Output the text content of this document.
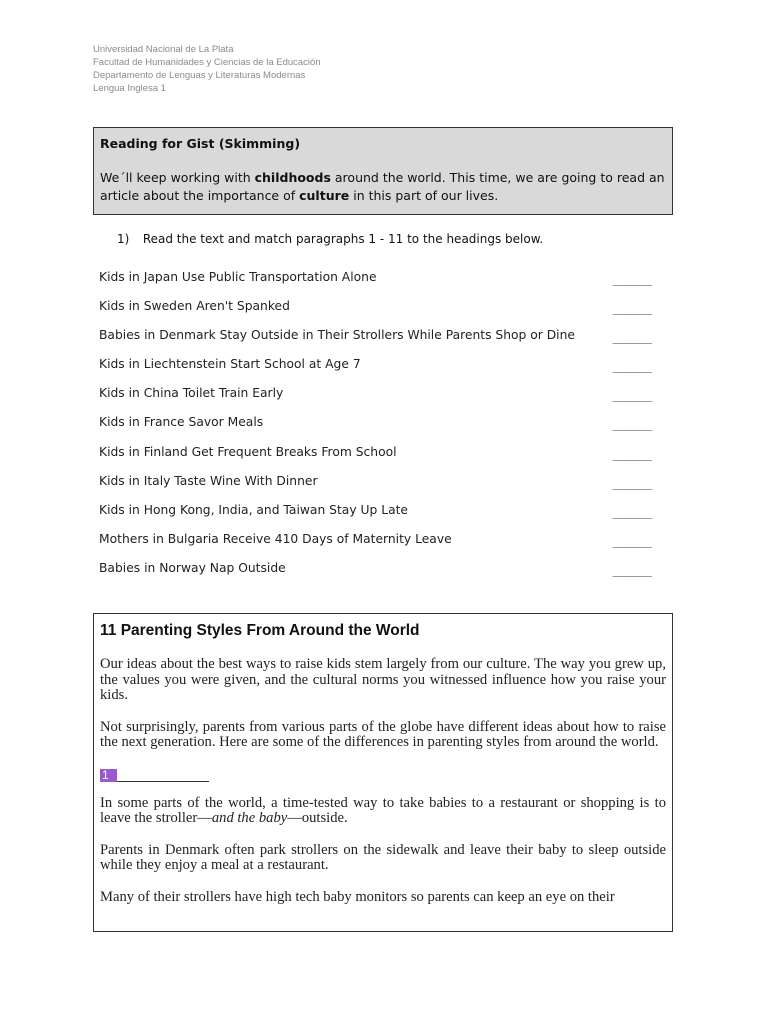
Universidad Nacional de La Plata
Facultad de Humanidades y Ciencias de la Educación
Departamento de Lenguas y Literaturas Modernas
Lengua Inglesa 1
Reading for Gist (Skimming)
We´ll keep working with childhoods around the world. This time, we are going to read an article about the importance of culture in this part of our lives.
1) Read the text and match paragraphs 1 - 11 to the headings below.
Kids in Japan Use Public Transportation Alone	______
Kids in Sweden Aren't Spanked	______
Babies in Denmark Stay Outside in Their Strollers While Parents Shop or Dine	______
Kids in Liechtenstein Start School at Age 7	______
Kids in China Toilet Train Early	______
Kids in France Savor Meals	______
Kids in Finland Get Frequent Breaks From School	______
Kids in Italy Taste Wine With Dinner	______
Kids in Hong Kong, India, and Taiwan Stay Up Late	______
Mothers in Bulgaria Receive 410 Days of Maternity Leave	______
Babies in Norway Nap Outside	______
11 Parenting Styles From Around the World

Our ideas about the best ways to raise kids stem largely from our culture. The way you grew up, the values you were given, and the cultural norms you witnessed influence how you raise your kids.

Not surprisingly, parents from various parts of the globe have different ideas about how to raise the next generation. Here are some of the differences in parenting styles from around the world.

1

In some parts of the world, a time-tested way to take babies to a restaurant or shopping is to leave the stroller—and the baby—outside.

Parents in Denmark often park strollers on the sidewalk and leave their baby to sleep outside while they enjoy a meal at a restaurant.

Many of their strollers have high tech baby monitors so parents can keep an eye on their
